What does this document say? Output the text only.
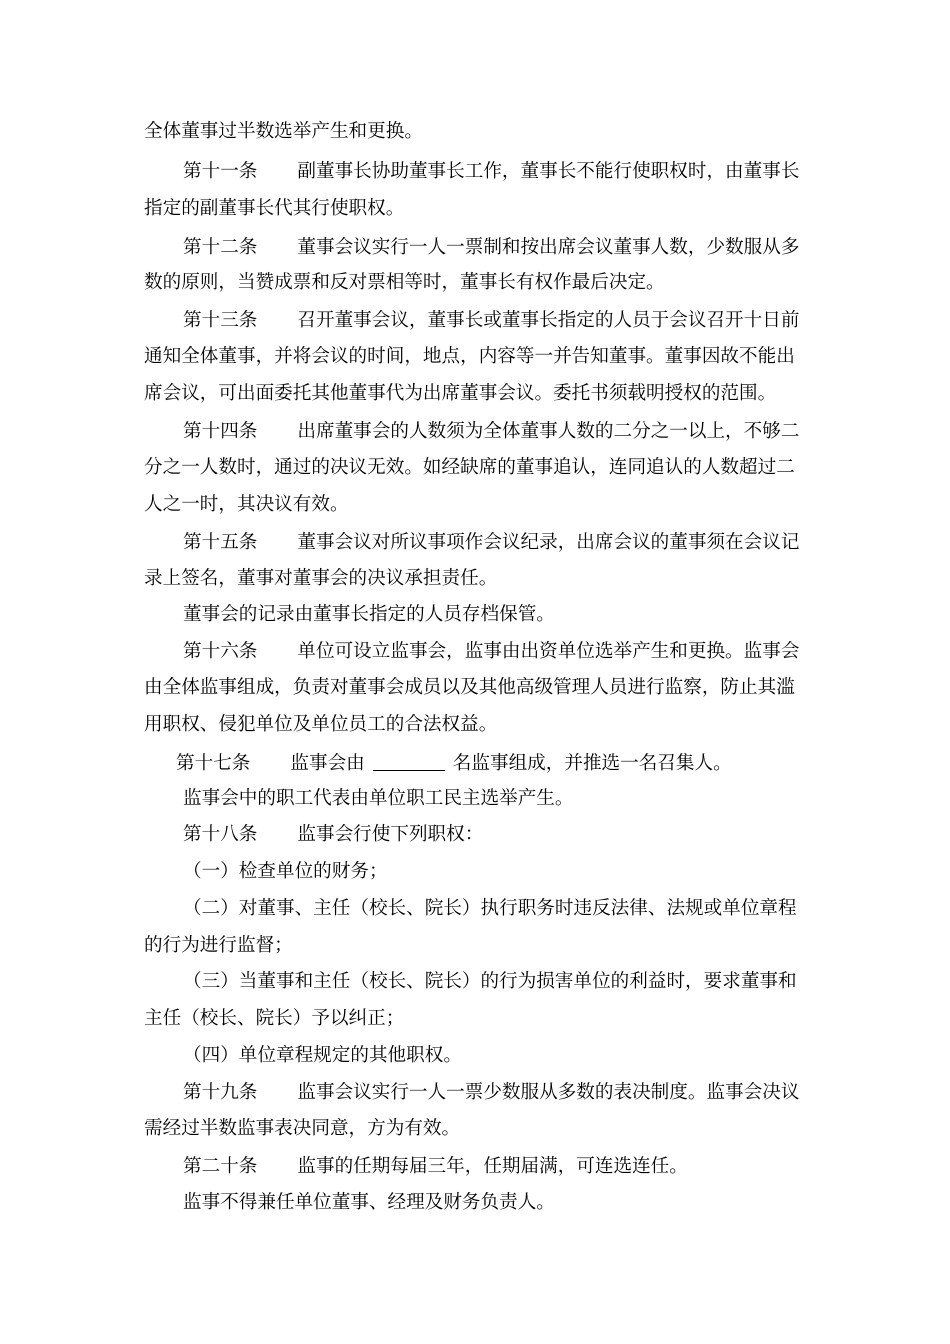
全体董事过半数选举产生和更换。
第十一条 副董事长协助董事长工作，董事长不能行使职权时，由董事长
指定的副董事长代其行使职权。
第十二条 董事会议实行一人一票制和按出席会议董事人数，少数服从多
数的原则，当赞成票和反对票相等时，董事长有权作最后决定。
第十三条 召开董事会议，董事长或董事长指定的人员于会议召开十日前
通知全体董事，并将会议的时间，地点，内容等一并告知董事。董事因故不能出
席会议，可出面委托其他董事代为出席董事会议。委托书须载明授权的范围。
第十四条 出席董事会的人数须为全体董事人数的二分之一以上，不够二
分之一人数时，通过的决议无效。如经缺席的董事追认，连同追认的人数超过二
人之一时，其决议有效。
第十五条 董事会议对所议事项作会议纪录，出席会议的董事须在会议记
录上签名，董事对董事会的决议承担责任。
董事会的记录由董事长指定的人员存档保管。
第十六条 单位可设立监事会，监事由出资单位选举产生和更换。监事会
由全体监事组成，负责对董事会成员以及其他高级管理人员进行监察，防止其滥
用职权、侵犯单位及单位员工的合法权益。
第十七条 监事会由	名监事组成，并推选一名召集人。
监事会中的职工代表由单位职工民主选举产生。
第十八条 监事会行使下列职权：
（一）检查单位的财务；
（二）对董事、主任（校长、院长）执行职务时违反法律、法规或单位章程
的行为进行监督；
（三）当董事和主任（校长、院长）的行为损害单位的利益时，要求董事和
主任（校长、院长）予以纠正；
（四）单位章程规定的其他职权。
第十九条 监事会议实行一人一票少数服从多数的表决制度。监事会决议
需经过半数监事表决同意，方为有效。
第二十条 监事的任期每届三年，任期届满，可连选连任。
监事不得兼任单位董事、经理及财务负责人。
